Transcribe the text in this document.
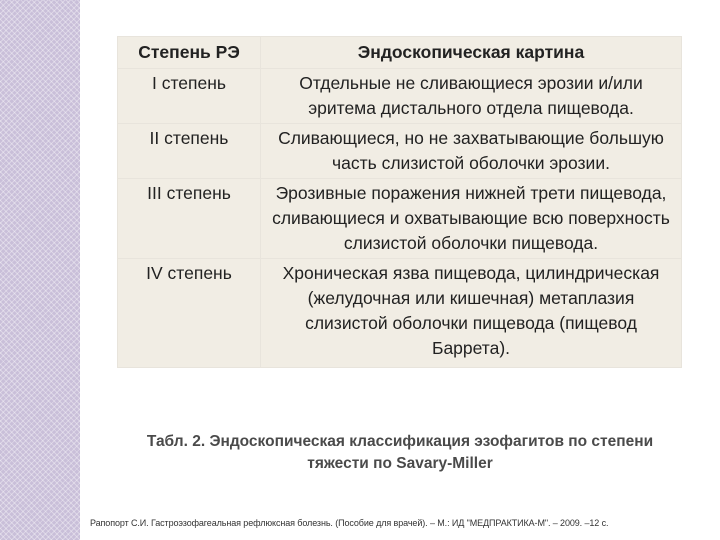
Степень РЭ	Эндоскопическая картина
I степень	Отдельные не сливающиеся эрозии и/или эритема дистального отдела пищевода.
II степень	Сливающиеся, но не захватывающие большую часть слизистой оболочки эрозии.
III степень	Эрозивные поражения нижней трети пищевода, сливающиеся и охватывающие всю поверхность слизистой оболочки пищевода.
IV степень	Хроническая язва пищевода, цилиндрическая (желудочная или кишечная) метаплазия слизистой оболочки пищевода (пищевод Баррета).
Табл. 2. Эндоскопическая классификация эзофагитов по степени тяжести по Savary-Miller
Рапопорт С.И. Гастроэзофагеальная рефлюксная болезнь. (Пособие для врачей). – М.: ИД "МЕДПРАКТИКА-М". – 2009. –12 с.
